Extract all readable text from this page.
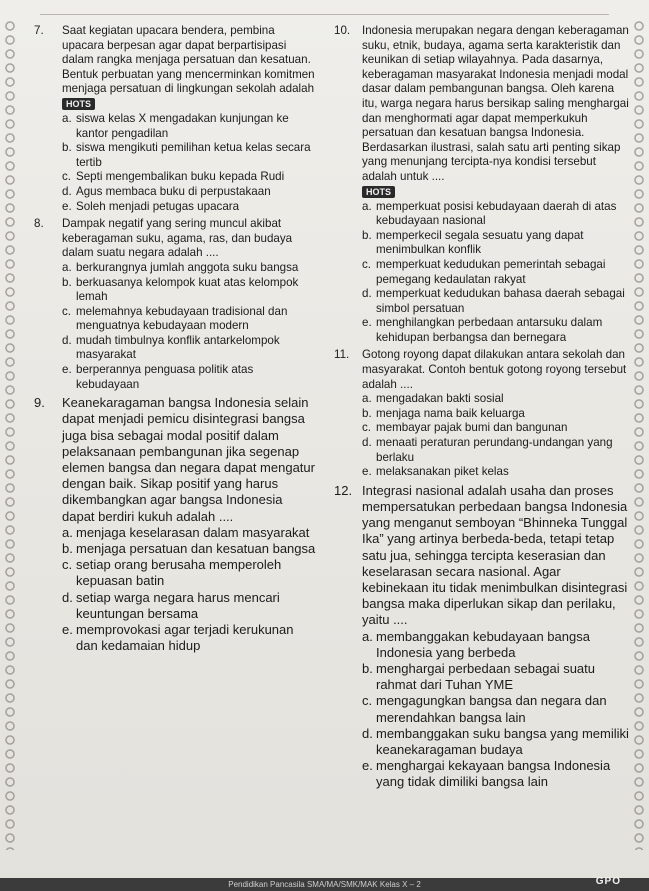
7. Saat kegiatan upacara bendera, pembina upacara berpesan agar dapat berpartisipasi dalam rangka menjaga persatuan dan kesatuan. Bentuk perbuatan yang mencerminkan komitmen menjaga persatuan di lingkungan sekolah adalah
HOTS
a. siswa kelas X mengadakan kunjungan ke kantor pengadilan
b. siswa mengikuti pemilihan ketua kelas secara tertib
c. Septi mengembalikan buku kepada Rudi
d. Agus membaca buku di perpustakaan
e. Soleh menjadi petugas upacara
8. Dampak negatif yang sering muncul akibat keberagaman suku, agama, ras, dan budaya dalam suatu negara adalah ....
a. berkurangnya jumlah anggota suku bangsa
b. berkuasanya kelompok kuat atas kelompok lemah
c. melemahnya kebudayaan tradisional dan menguatnya kebudayaan modern
d. mudah timbulnya konflik antarkelompok masyarakat
e. berperannya penguasa politik atas kebudayaan
9. Keanekaragaman bangsa Indonesia selain dapat menjadi pemicu disintegrasi bangsa juga bisa sebagai modal positif dalam pelaksanaan pembangunan jika segenap elemen bangsa dan negara dapat mengatur dengan baik. Sikap positif yang harus dikembangkan agar bangsa Indonesia dapat berdiri kukuh adalah ....
a. menjaga keselarasan dalam masyarakat
b. menjaga persatuan dan kesatuan bangsa
c. setiap orang berusaha memperoleh kepuasan batin
d. setiap warga negara harus mencari keuntungan bersama
e. memprovokasi agar terjadi kerukunan dan kedamaian hidup
10. Indonesia merupakan negara dengan keberagaman suku, etnik, budaya, agama serta karakteristik dan keunikan di setiap wilayahnya. Pada dasarnya, keberagaman masyarakat Indonesia menjadi modal dasar dalam pembangunan bangsa. Oleh karena itu, warga negara harus bersikap saling menghargai dan menghormati agar dapat memperkukuh persatuan dan kesatuan bangsa Indonesia. Berdasarkan ilustrasi, salah satu arti penting sikap yang menunjang tercipta-nya kondisi tersebut adalah untuk ....
HOTS
a. memperkuat posisi kebudayaan daerah di atas kebudayaan nasional
b. memperkecil segala sesuatu yang dapat menimbulkan konflik
c. memperkuat kedudukan pemerintah sebagai pemegang kedaulatan rakyat
d. memperkuat kedudukan bahasa daerah sebagai simbol persatuan
e. menghilangkan perbedaan antarsuku dalam kehidupan berbangsa dan bernegara
11. Gotong royong dapat dilakukan antara sekolah dan masyarakat. Contoh bentuk gotong royong tersebut adalah ....
a. mengadakan bakti sosial
b. menjaga nama baik keluarga
c. membayar pajak bumi dan bangunan
d. menaati peraturan perundang-undangan yang berlaku
e. melaksanakan piket kelas
12. Integrasi nasional adalah usaha dan proses mempersatukan perbedaan bangsa Indonesia yang menganut semboyan “Bhinneka Tunggal Ika” yang artinya berbeda-beda, tetapi tetap satu jua, sehingga tercipta keserasian dan keselarasan secara nasional. Agar kebinekaan itu tidak menimbulkan disintegrasi bangsa maka diperlukan sikap dan perilaku, yaitu ....
a. membanggakan kebudayaan bangsa Indonesia yang berbeda
b. menghargai perbedaan sebagai suatu rahmat dari Tuhan YME
c. mengagungkan bangsa dan negara dan merendahkan bangsa lain
d. membanggakan suku bangsa yang memiliki keanekaragaman budaya
e. menghargai kekayaan bangsa Indonesia yang tidak dimiliki bangsa lain
Pendidikan Pancasila SMA/MA/SMK/MAK Kelas X – 2	GPO
